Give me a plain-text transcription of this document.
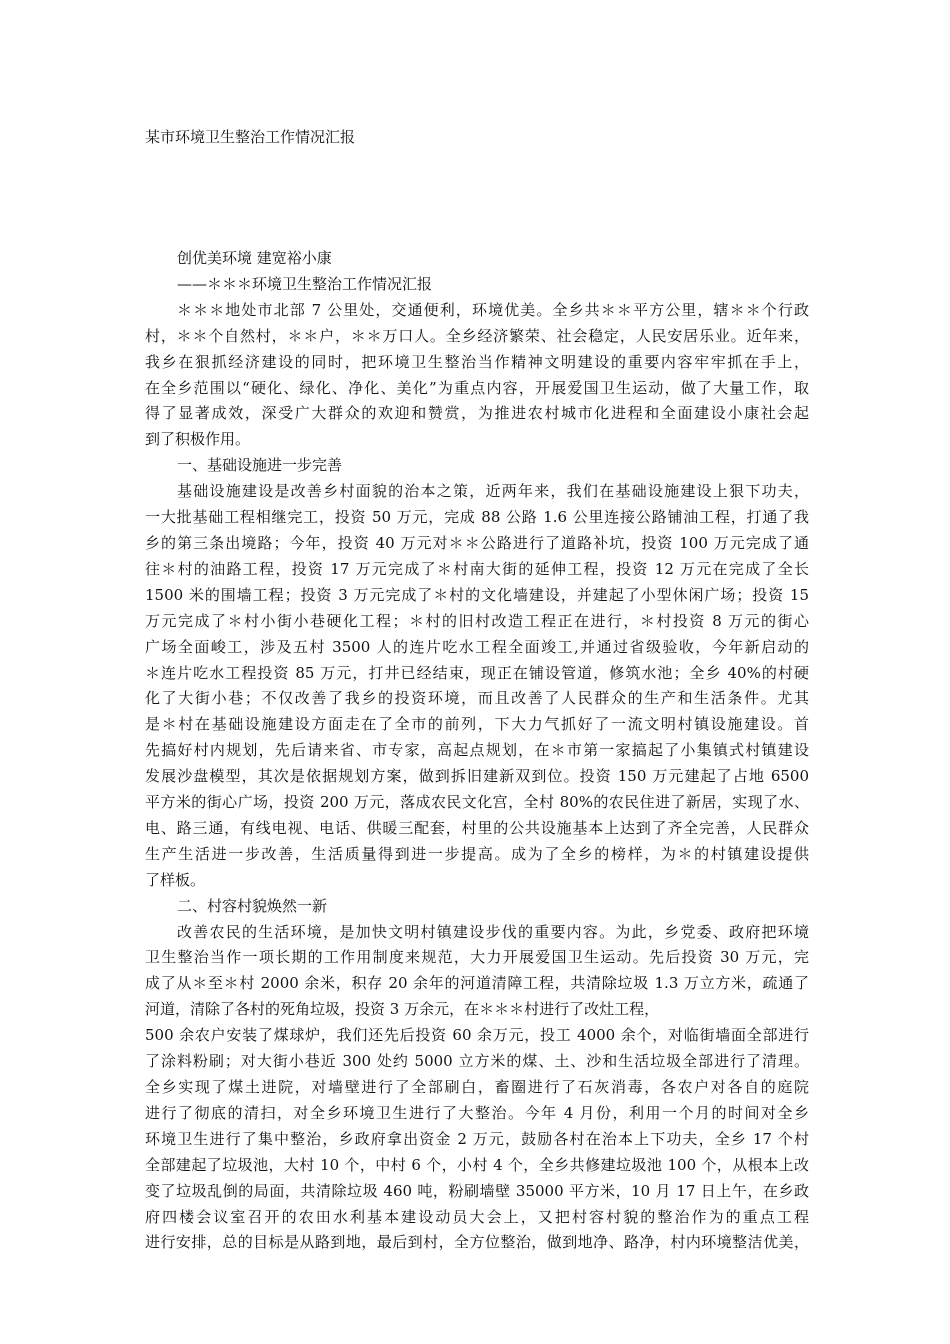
某市环境卫生整治工作情况汇报
创优美环境 建宽裕小康
——＊＊＊环境卫生整治工作情况汇报
＊＊＊地处市北部 7 公里处，交通便利，环境优美。全乡共＊＊平方公里，辖＊＊个行政
村，＊＊个自然村，＊＊户，＊＊万口人。全乡经济繁荣、社会稳定，人民安居乐业。近年来，
我乡在狠抓经济建设的同时，把环境卫生整治当作精神文明建设的重要内容牢牢抓在手上，
在全乡范围以“硬化、绿化、净化、美化”为重点内容，开展爱国卫生运动，做了大量工作，取
得了显著成效，深受广大群众的欢迎和赞赏，为推进农村城市化进程和全面建设小康社会起
到了积极作用。
一、基础设施进一步完善
基础设施建设是改善乡村面貌的治本之策，近两年来，我们在基础设施建设上狠下功夫，
一大批基础工程相继完工，投资 50 万元，完成 88 公路 1.6 公里连接公路铺油工程，打通了我
乡的第三条出境路；今年，投资 40 万元对＊＊公路进行了道路补坑，投资 100 万元完成了通
往＊村的油路工程，投资 17 万元完成了＊村南大街的延伸工程，投资 12 万元在完成了全长
1500 米的围墙工程；投资 3 万元完成了＊村的文化墙建设，并建起了小型休闲广场；投资 15
万元完成了＊村小街小巷硬化工程；＊村的旧村改造工程正在进行，＊村投资 8 万元的街心
广场全面峻工，涉及五村 3500 人的连片吃水工程全面竣工,并通过省级验收，今年新启动的
＊连片吃水工程投资 85 万元，打井已经结束，现正在铺设管道，修筑水池；全乡 40%的村硬
化了大街小巷；不仅改善了我乡的投资环境，而且改善了人民群众的生产和生活条件。尤其
是＊村在基础设施建设方面走在了全市的前列，下大力气抓好了一流文明村镇设施建设。首
先搞好村内规划，先后请来省、市专家，高起点规划，在＊市第一家搞起了小集镇式村镇建设
发展沙盘模型，其次是依据规划方案，做到拆旧建新双到位。投资 150 万元建起了占地 6500
平方米的街心广场，投资 200 万元，落成农民文化宫，全村 80%的农民住进了新居，实现了水、
电、路三通，有线电视、电话、供暖三配套，村里的公共设施基本上达到了齐全完善，人民群众
生产生活进一步改善，生活质量得到进一步提高。成为了全乡的榜样，为＊的村镇建设提供
了样板。
二、村容村貌焕然一新
改善农民的生活环境，是加快文明村镇建设步伐的重要内容。为此，乡党委、政府把环境
卫生整治当作一项长期的工作用制度来规范，大力开展爱国卫生运动。先后投资 30 万元，完
成了从＊至＊村 2000 余米，积存 20 余年的河道清障工程，共清除垃圾 1.3 万立方米，疏通了
河道，清除了各村的死角垃圾，投资 3 万余元，在＊＊＊村进行了改灶工程，
500 余农户安装了煤球炉，我们还先后投资 60 余万元，投工 4000 余个，对临街墙面全部进行
了涂料粉刷；对大街小巷近 300 处约 5000 立方米的煤、土、沙和生活垃圾全部进行了清理。
全乡实现了煤土进院，对墙壁进行了全部刷白，畜圈进行了石灰消毒，各农户对各自的庭院
进行了彻底的清扫，对全乡环境卫生进行了大整治。今年 4 月份，利用一个月的时间对全乡
环境卫生进行了集中整治，乡政府拿出资金 2 万元，鼓励各村在治本上下功夫，全乡 17 个村
全部建起了垃圾池，大村 10 个，中村 6 个，小村 4 个，全乡共修建垃圾池 100 个，从根本上改
变了垃圾乱倒的局面，共清除垃圾 460 吨，粉刷墙壁 35000 平方米，10 月 17 日上午，在乡政
府四楼会议室召开的农田水利基本建设动员大会上，又把村容村貌的整治作为的重点工程
进行安排，总的目标是从路到地，最后到村，全方位整治，做到地净、路净，村内环境整洁优美，
